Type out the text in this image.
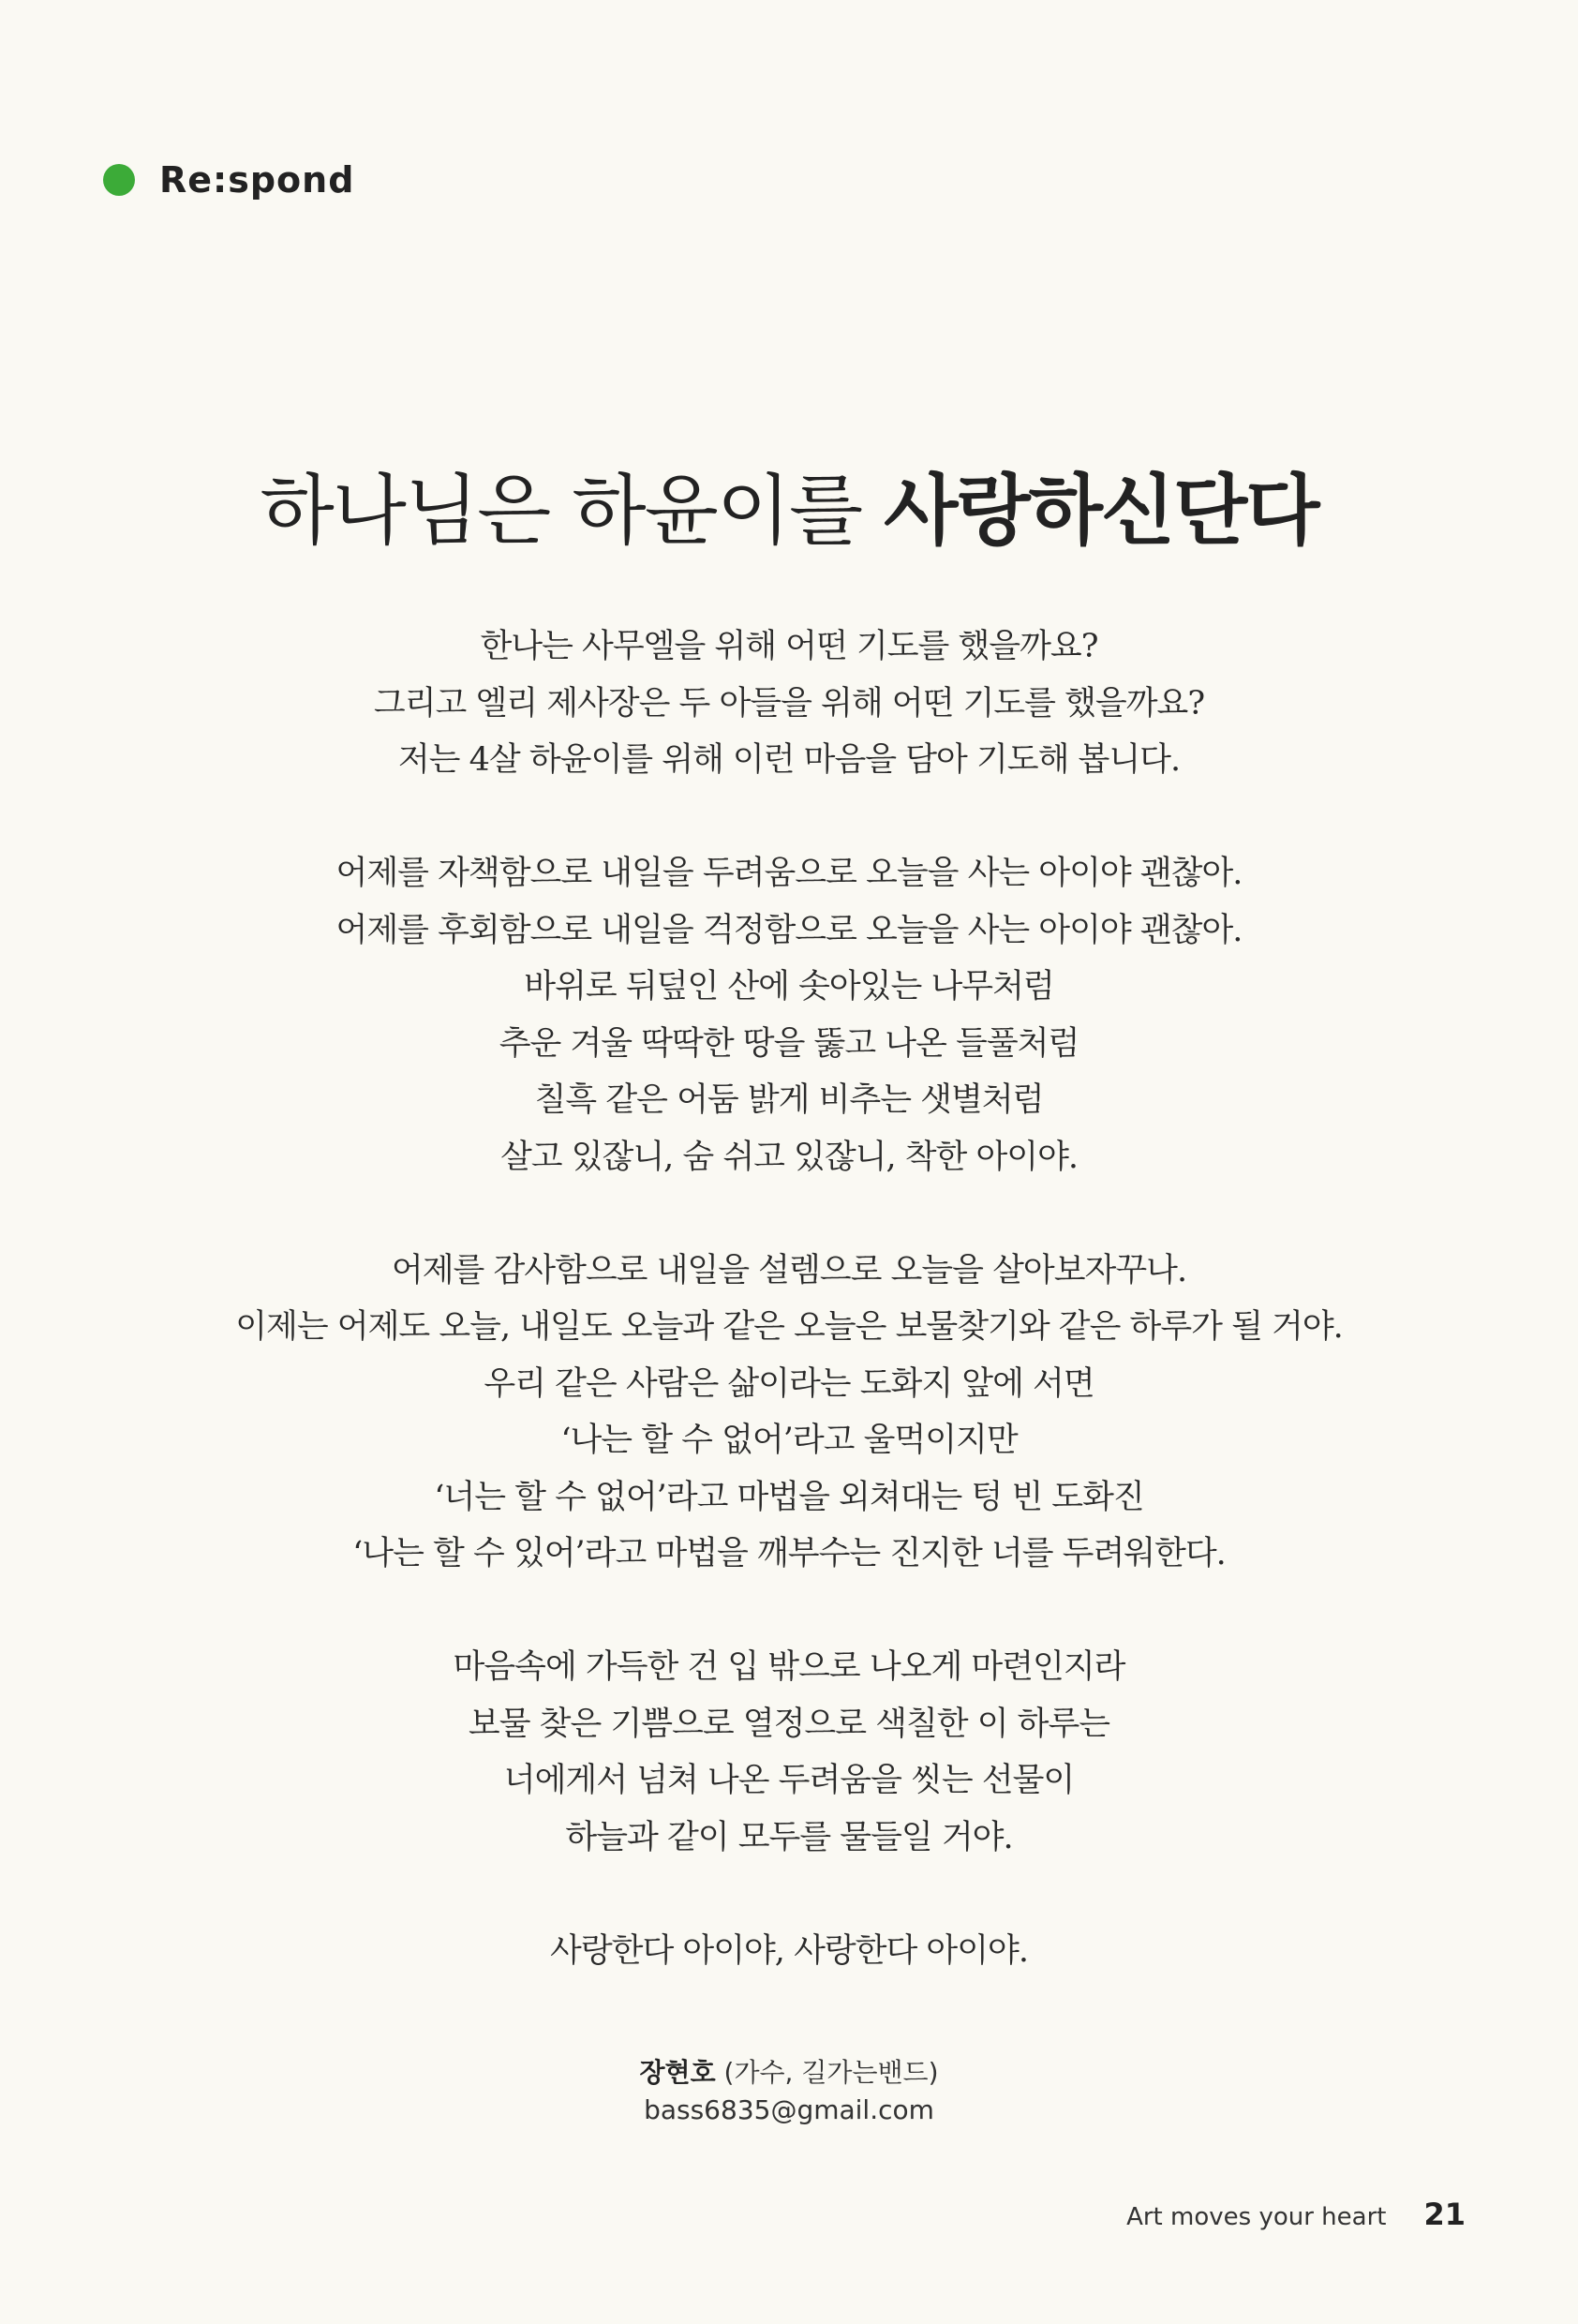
Re:spond
하나님은 하윤이를 사랑하신단다
한나는 사무엘을 위해 어떤 기도를 했을까요?
그리고 엘리 제사장은 두 아들을 위해 어떤 기도를 했을까요?
저는 4살 하윤이를 위해 이런 마음을 담아 기도해 봅니다.
어제를 자책함으로 내일을 두려움으로 오늘을 사는 아이야 괜찮아.
어제를 후회함으로 내일을 걱정함으로 오늘을 사는 아이야 괜찮아.
바위로 뒤덮인 산에 솟아있는 나무처럼
추운 겨울 딱딱한 땅을 뚫고 나온 들풀처럼
칠흑 같은 어둠 밝게 비추는 샛별처럼
살고 있잖니, 숨 쉬고 있잖니, 착한 아이야.
어제를 감사함으로 내일을 설렘으로 오늘을 살아보자꾸나.
이제는 어제도 오늘, 내일도 오늘과 같은 오늘은 보물찾기와 같은 하루가 될 거야.
우리 같은 사람은 삶이라는 도화지 앞에 서면
‘나는 할 수 없어’라고 울먹이지만
‘너는 할 수 없어’라고 마법을 외쳐대는 텅 빈 도화진
‘나는 할 수 있어’라고 마법을 깨부수는 진지한 너를 두려워한다.
마음속에 가득한 건 입 밖으로 나오게 마련인지라
보물 찾은 기쁨으로 열정으로 색칠한 이 하루는
너에게서 넘쳐 나온 두려움을 씻는 선물이
하늘과 같이 모두를 물들일 거야.
사랑한다 아이야, 사랑한다 아이야.
장현호 (가수, 길가는밴드)
bass6835@gmail.com
Art moves your heart 21
